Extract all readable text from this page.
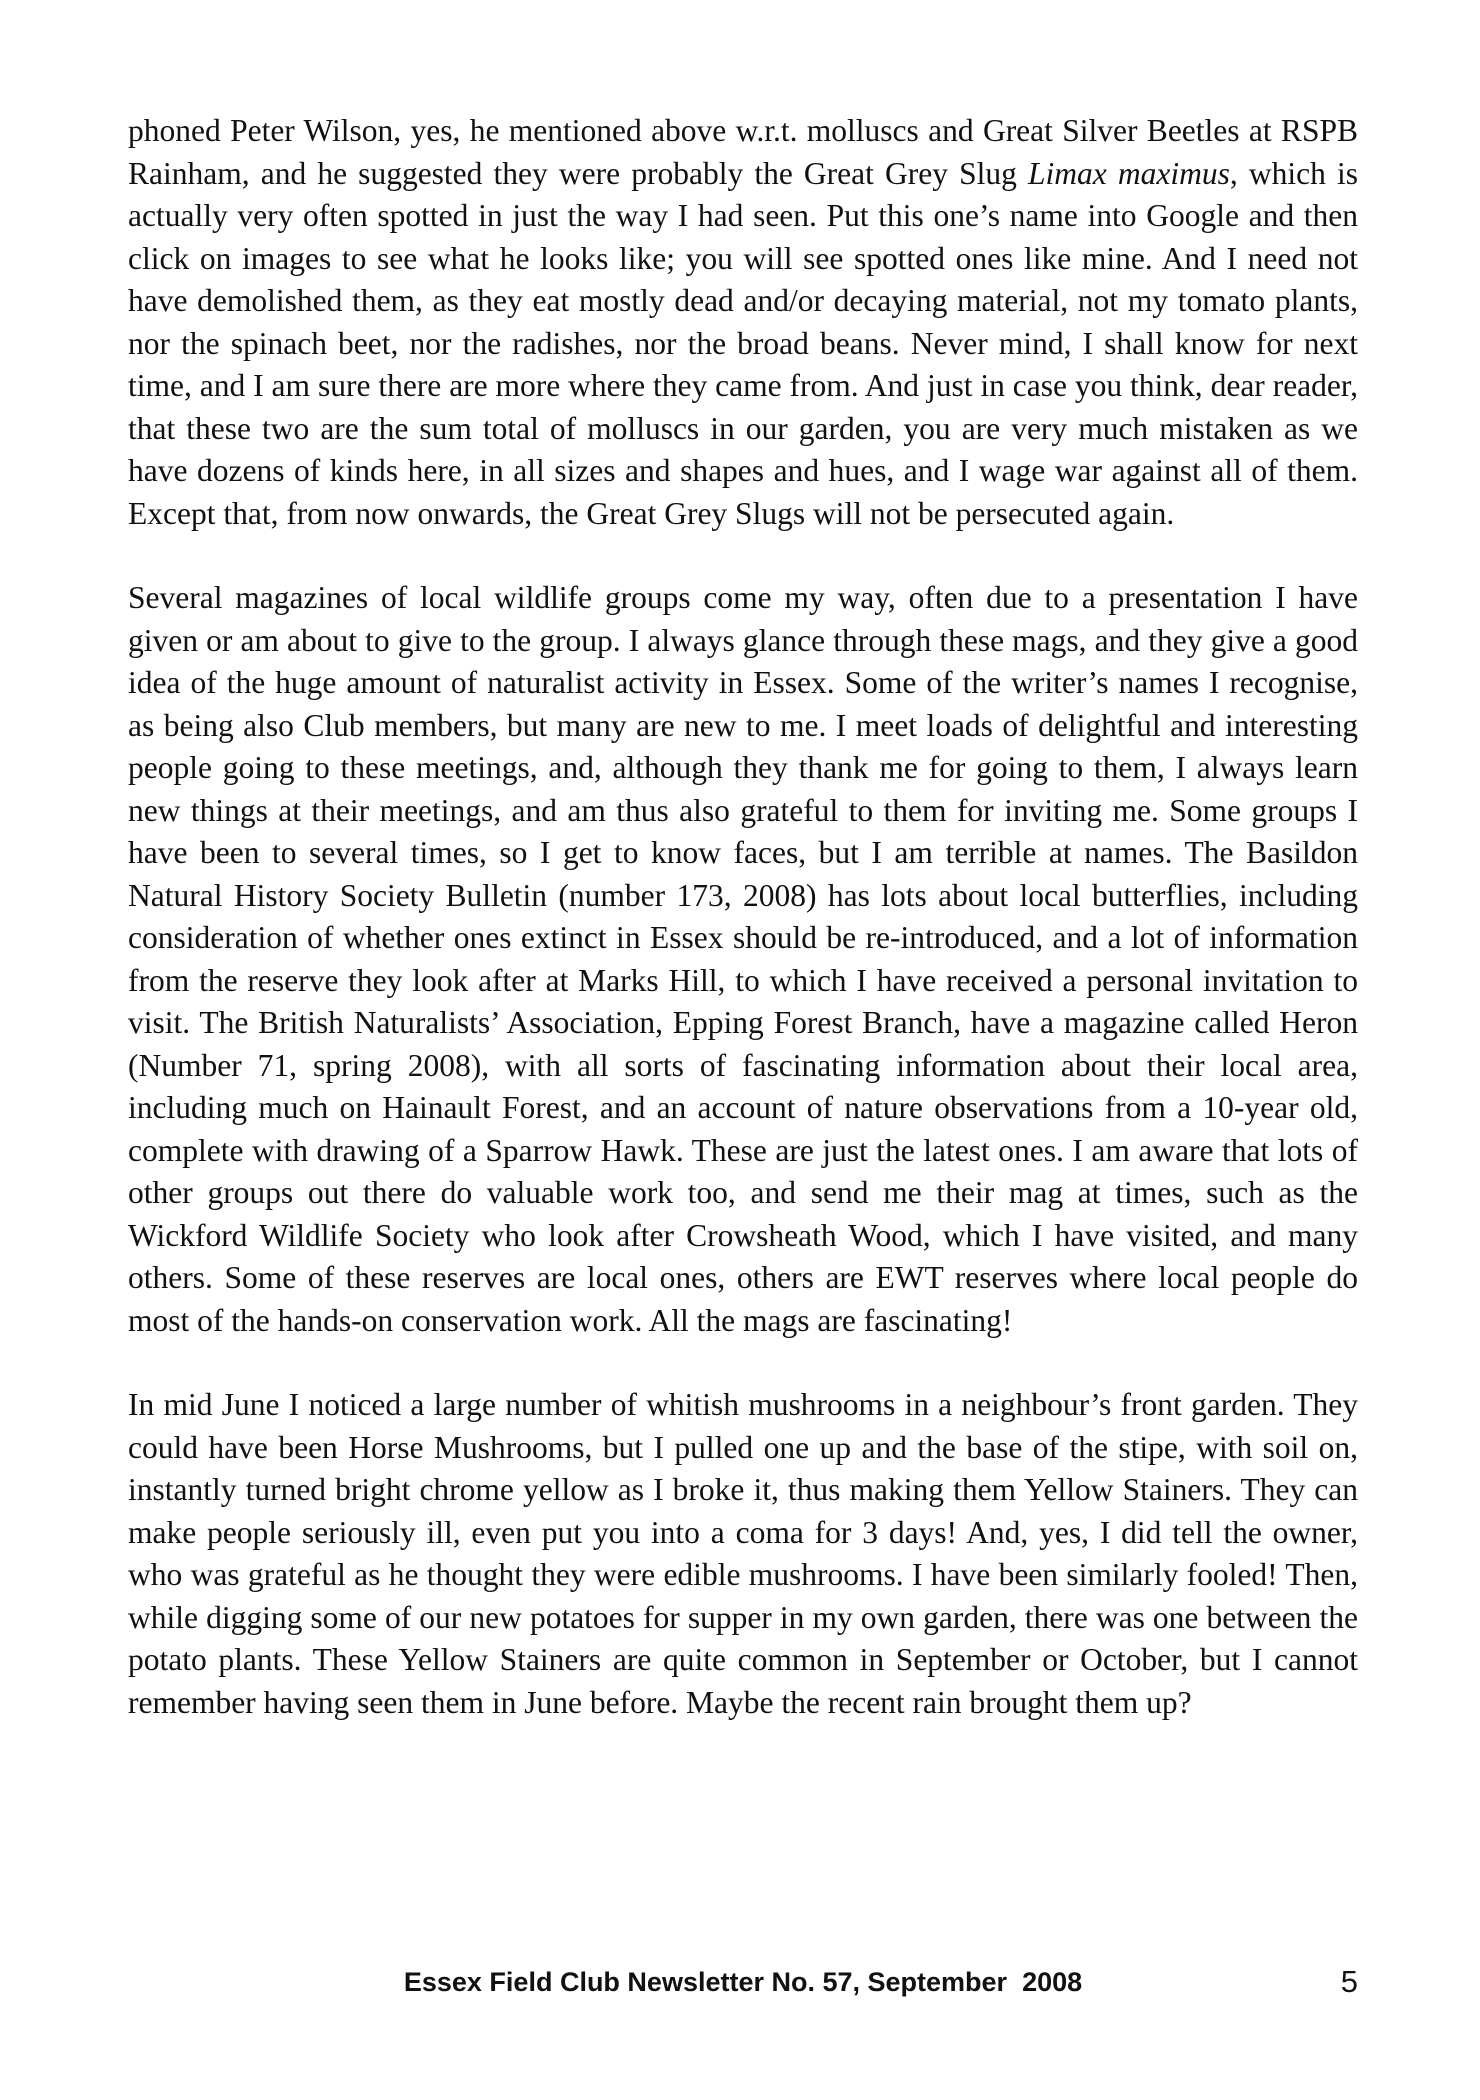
phoned Peter Wilson, yes, he mentioned above w.r.t. molluscs and Great Silver Beetles at RSPB Rainham, and he suggested they were probably the Great Grey Slug Limax maximus, which is actually very often spotted in just the way I had seen. Put this one’s name into Google and then click on images to see what he looks like; you will see spotted ones like mine. And I need not have demolished them, as they eat mostly dead and/or decaying material, not my tomato plants, nor the spinach beet, nor the radishes, nor the broad beans. Never mind, I shall know for next time, and I am sure there are more where they came from. And just in case you think, dear reader, that these two are the sum total of molluscs in our garden, you are very much mistaken as we have dozens of kinds here, in all sizes and shapes and hues, and I wage war against all of them. Except that, from now onwards, the Great Grey Slugs will not be persecuted again.

Several magazines of local wildlife groups come my way, often due to a presentation I have given or am about to give to the group. I always glance through these mags, and they give a good idea of the huge amount of naturalist activity in Essex. Some of the writer’s names I recognise, as being also Club members, but many are new to me. I meet loads of delightful and interesting people going to these meetings, and, although they thank me for going to them, I always learn new things at their meetings, and am thus also grateful to them for inviting me. Some groups I have been to several times, so I get to know faces, but I am terrible at names. The Basildon Natural History Society Bulletin (number 173, 2008) has lots about local butterflies, including consideration of whether ones extinct in Essex should be re-introduced, and a lot of information from the reserve they look after at Marks Hill, to which I have received a personal invitation to visit. The British Naturalists’ Association, Epping Forest Branch, have a magazine called Heron (Number 71, spring 2008), with all sorts of fascinating information about their local area, including much on Hainault Forest, and an account of nature observations from a 10-year old, complete with drawing of a Sparrow Hawk. These are just the latest ones. I am aware that lots of other groups out there do valuable work too, and send me their mag at times, such as the Wickford Wildlife Society who look after Crowsheath Wood, which I have visited, and many others. Some of these reserves are local ones, others are EWT reserves where local people do most of the hands-on conservation work. All the mags are fascinating!

In mid June I noticed a large number of whitish mushrooms in a neighbour’s front garden. They could have been Horse Mushrooms, but I pulled one up and the base of the stipe, with soil on, instantly turned bright chrome yellow as I broke it, thus making them Yellow Stainers. They can make people seriously ill, even put you into a coma for 3 days! And, yes, I did tell the owner, who was grateful as he thought they were edible mushrooms. I have been similarly fooled! Then, while digging some of our new potatoes for supper in my own garden, there was one between the potato plants. These Yellow Stainers are quite common in September or October, but I cannot remember having seen them in June before. Maybe the recent rain brought them up?

Essex Field Club Newsletter No. 57, September  2008	5
